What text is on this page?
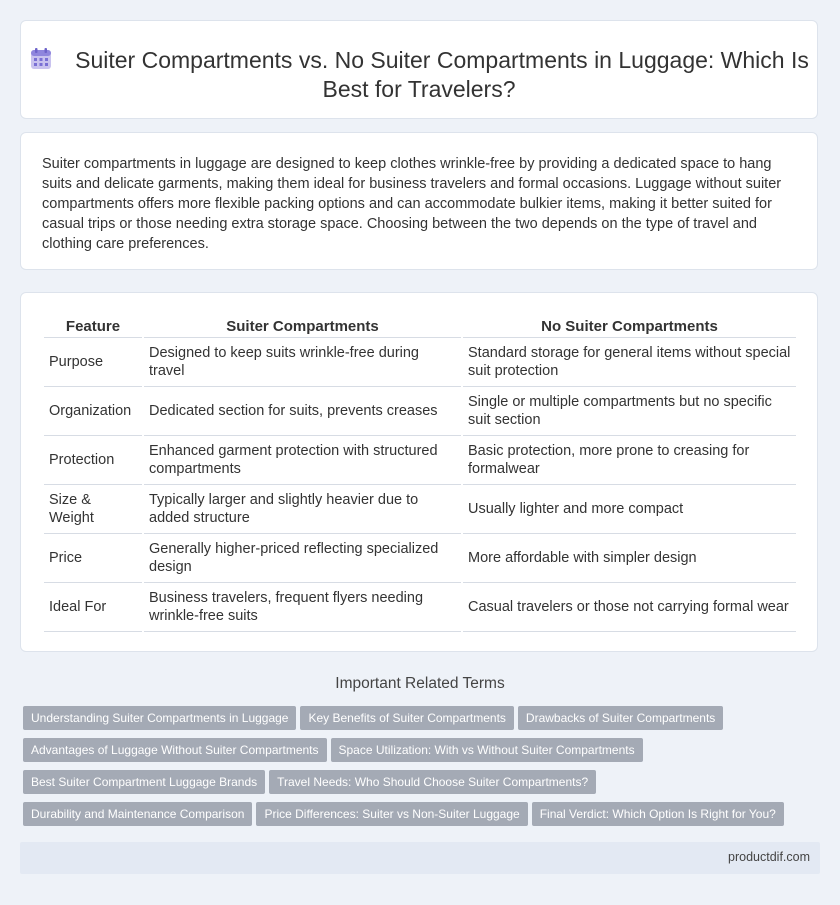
Suiter Compartments vs. No Suiter Compartments in Luggage: Which Is Best for Travelers?
Suiter compartments in luggage are designed to keep clothes wrinkle-free by providing a dedicated space to hang suits and delicate garments, making them ideal for business travelers and formal occasions. Luggage without suiter compartments offers more flexible packing options and can accommodate bulkier items, making it better suited for casual trips or those needing extra storage space. Choosing between the two depends on the type of travel and clothing care preferences.
Feature	Suiter Compartments	No Suiter Compartments
Purpose	Designed to keep suits wrinkle-free during travel	Standard storage for general items without special suit protection
Organization	Dedicated section for suits, prevents creases	Single or multiple compartments but no specific suit section
Protection	Enhanced garment protection with structured compartments	Basic protection, more prone to creasing for formalwear
Size & Weight	Typically larger and slightly heavier due to added structure	Usually lighter and more compact
Price	Generally higher-priced reflecting specialized design	More affordable with simpler design
Ideal For	Business travelers, frequent flyers needing wrinkle-free suits	Casual travelers or those not carrying formal wear
Important Related Terms
Understanding Suiter Compartments in Luggage Key Benefits of Suiter Compartments Drawbacks of Suiter Compartments
Advantages of Luggage Without Suiter Compartments Space Utilization: With vs Without Suiter Compartments
Best Suiter Compartment Luggage Brands Travel Needs: Who Should Choose Suiter Compartments?
Durability and Maintenance Comparison Price Differences: Suiter vs Non-Suiter Luggage Final Verdict: Which Option Is Right for You?
productdif.com
